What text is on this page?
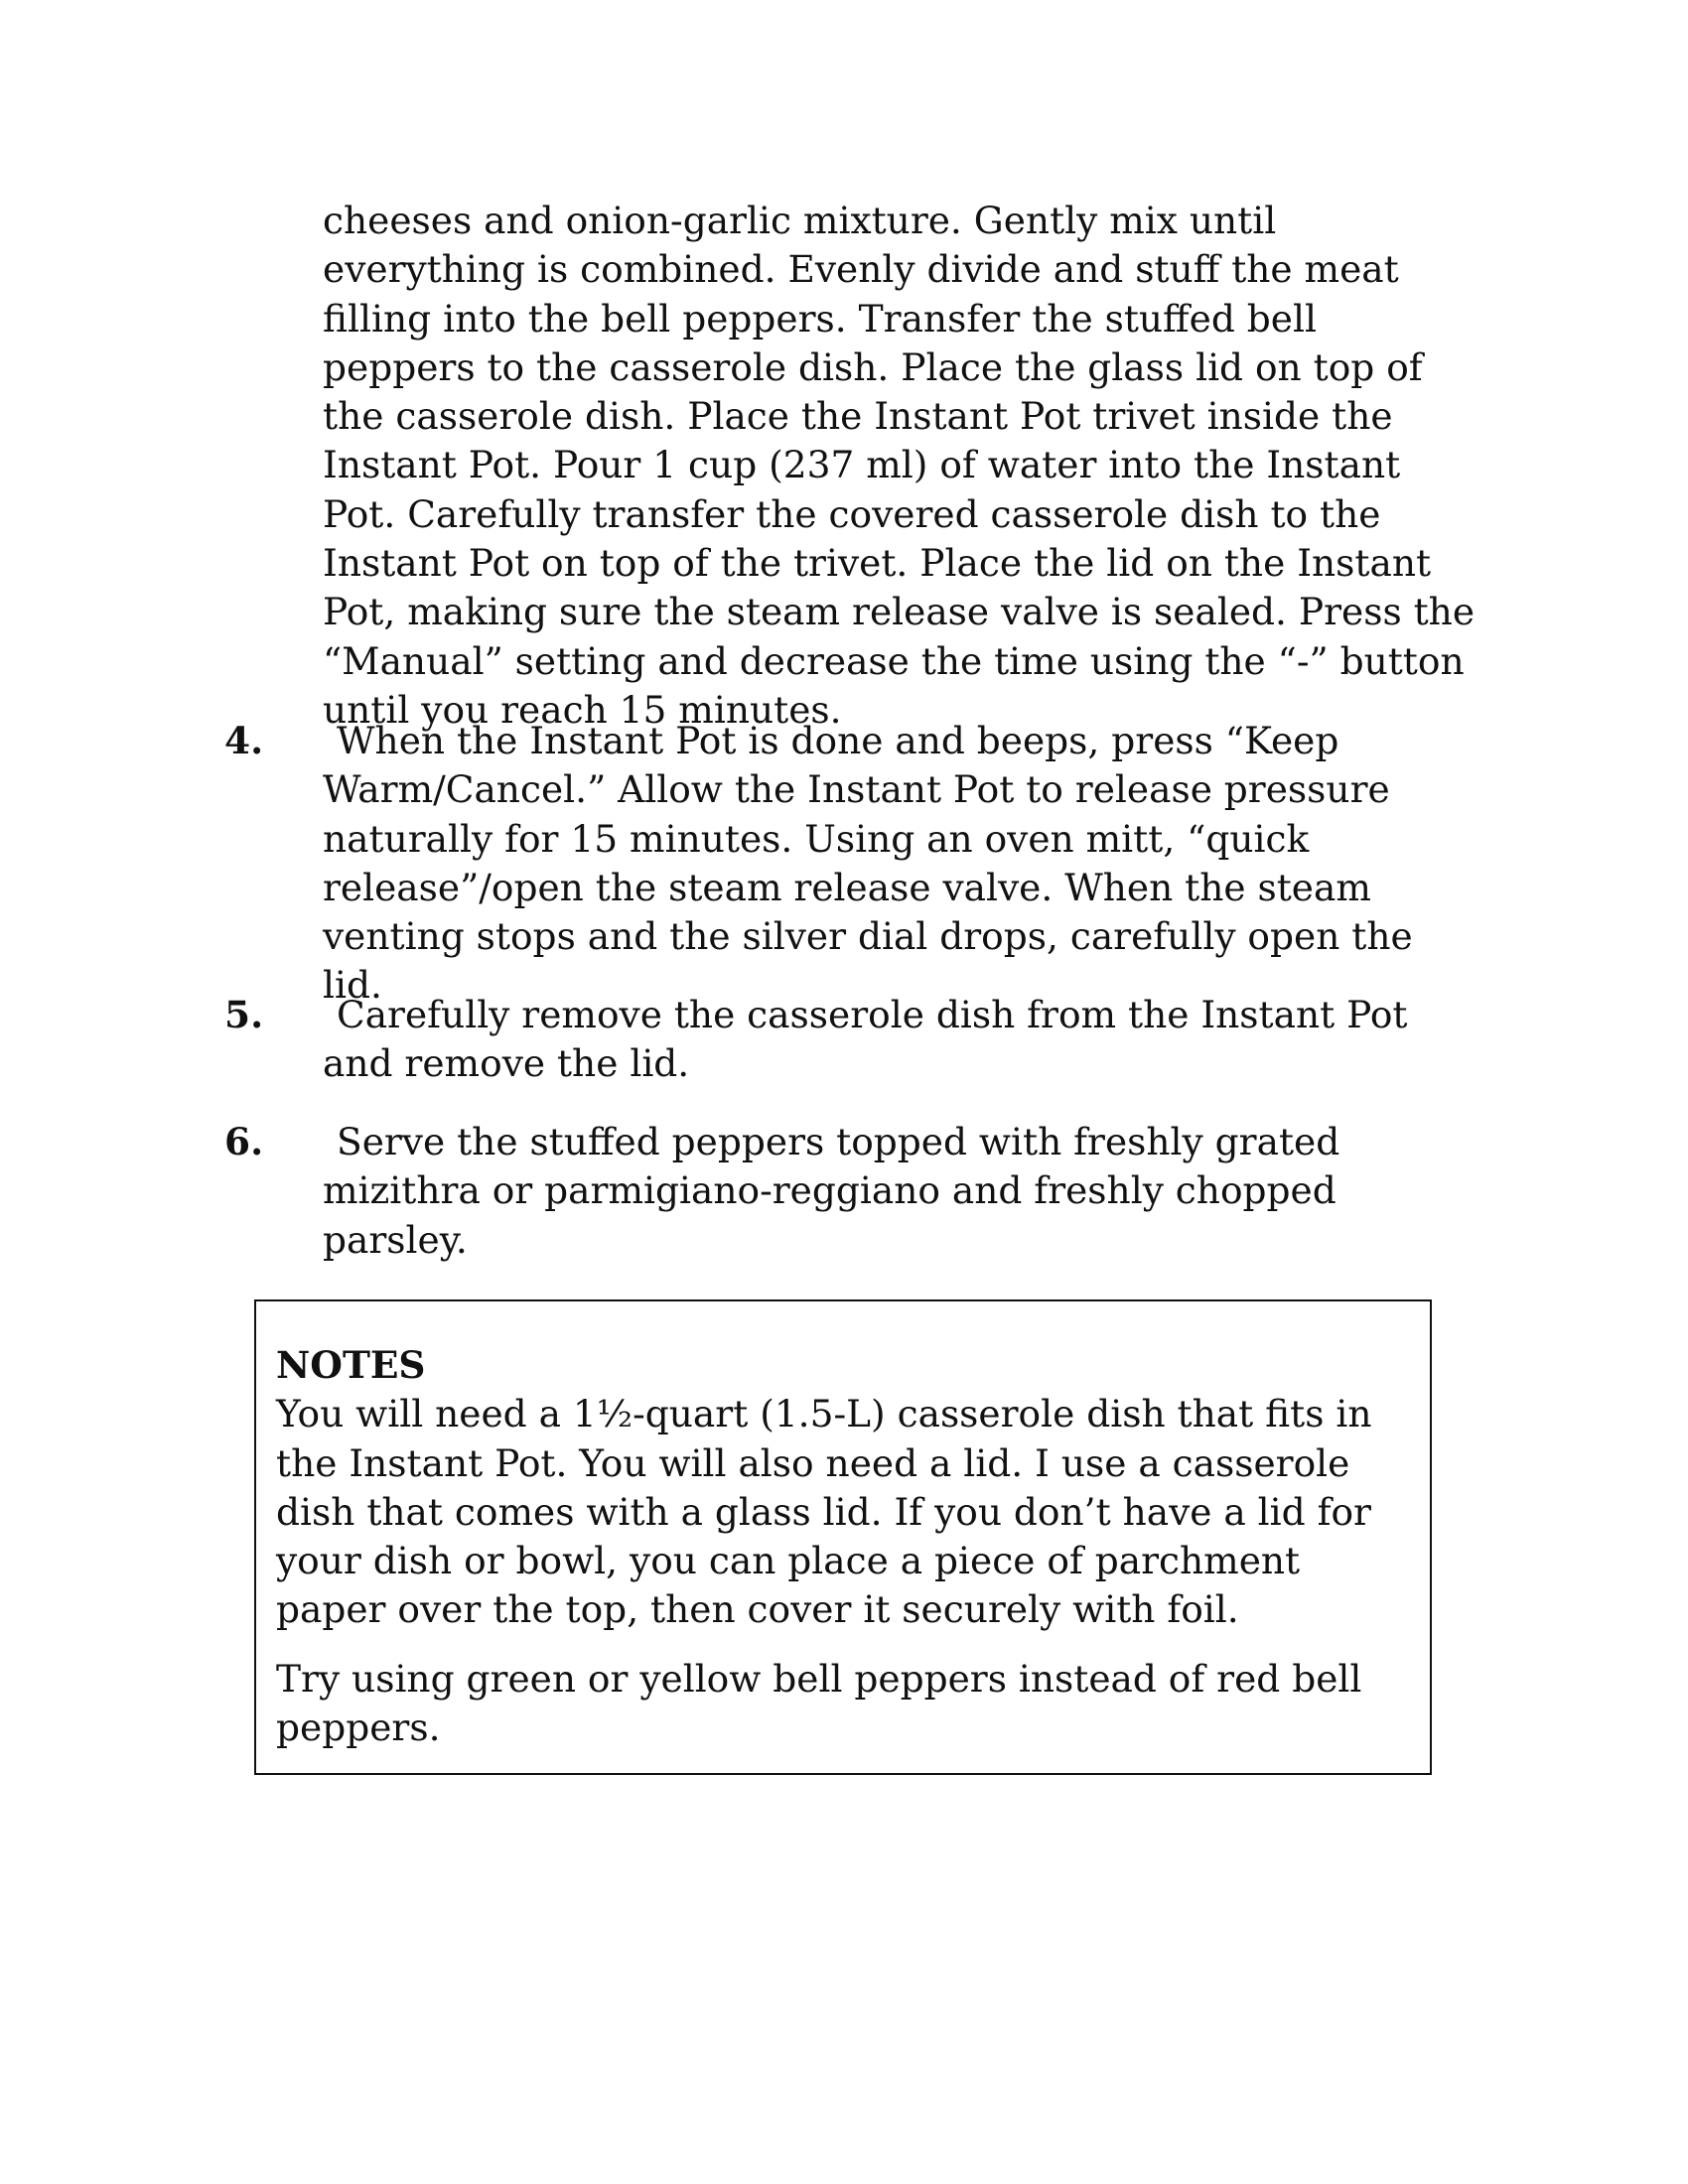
cheeses and onion-garlic mixture. Gently mix until everything is combined. Evenly divide and stuff the meat filling into the bell peppers. Transfer the stuffed bell peppers to the casserole dish. Place the glass lid on top of the casserole dish. Place the Instant Pot trivet inside the Instant Pot. Pour 1 cup (237 ml) of water into the Instant Pot. Carefully transfer the covered casserole dish to the Instant Pot on top of the trivet. Place the lid on the Instant Pot, making sure the steam release valve is sealed. Press the “Manual” setting and decrease the time using the “-” button until you reach 15 minutes.

4.	When the Instant Pot is done and beeps, press “Keep Warm/Cancel.” Allow the Instant Pot to release pressure naturally for 15 minutes. Using an oven mitt, “quick release”/open the steam release valve. When the steam venting stops and the silver dial drops, carefully open the lid.
5.	Carefully remove the casserole dish from the Instant Pot and remove the lid.
6.	Serve the stuffed peppers topped with freshly grated mizithra or parmigiano-reggiano and freshly chopped parsley.

NOTES

You will need a 1½-quart (1.5-L) casserole dish that fits in the Instant Pot. You will also need a lid. I use a casserole dish that comes with a glass lid. If you don’t have a lid for your dish or bowl, you can place a piece of parchment paper over the top, then cover it securely with foil.

Try using green or yellow bell peppers instead of red bell peppers.
